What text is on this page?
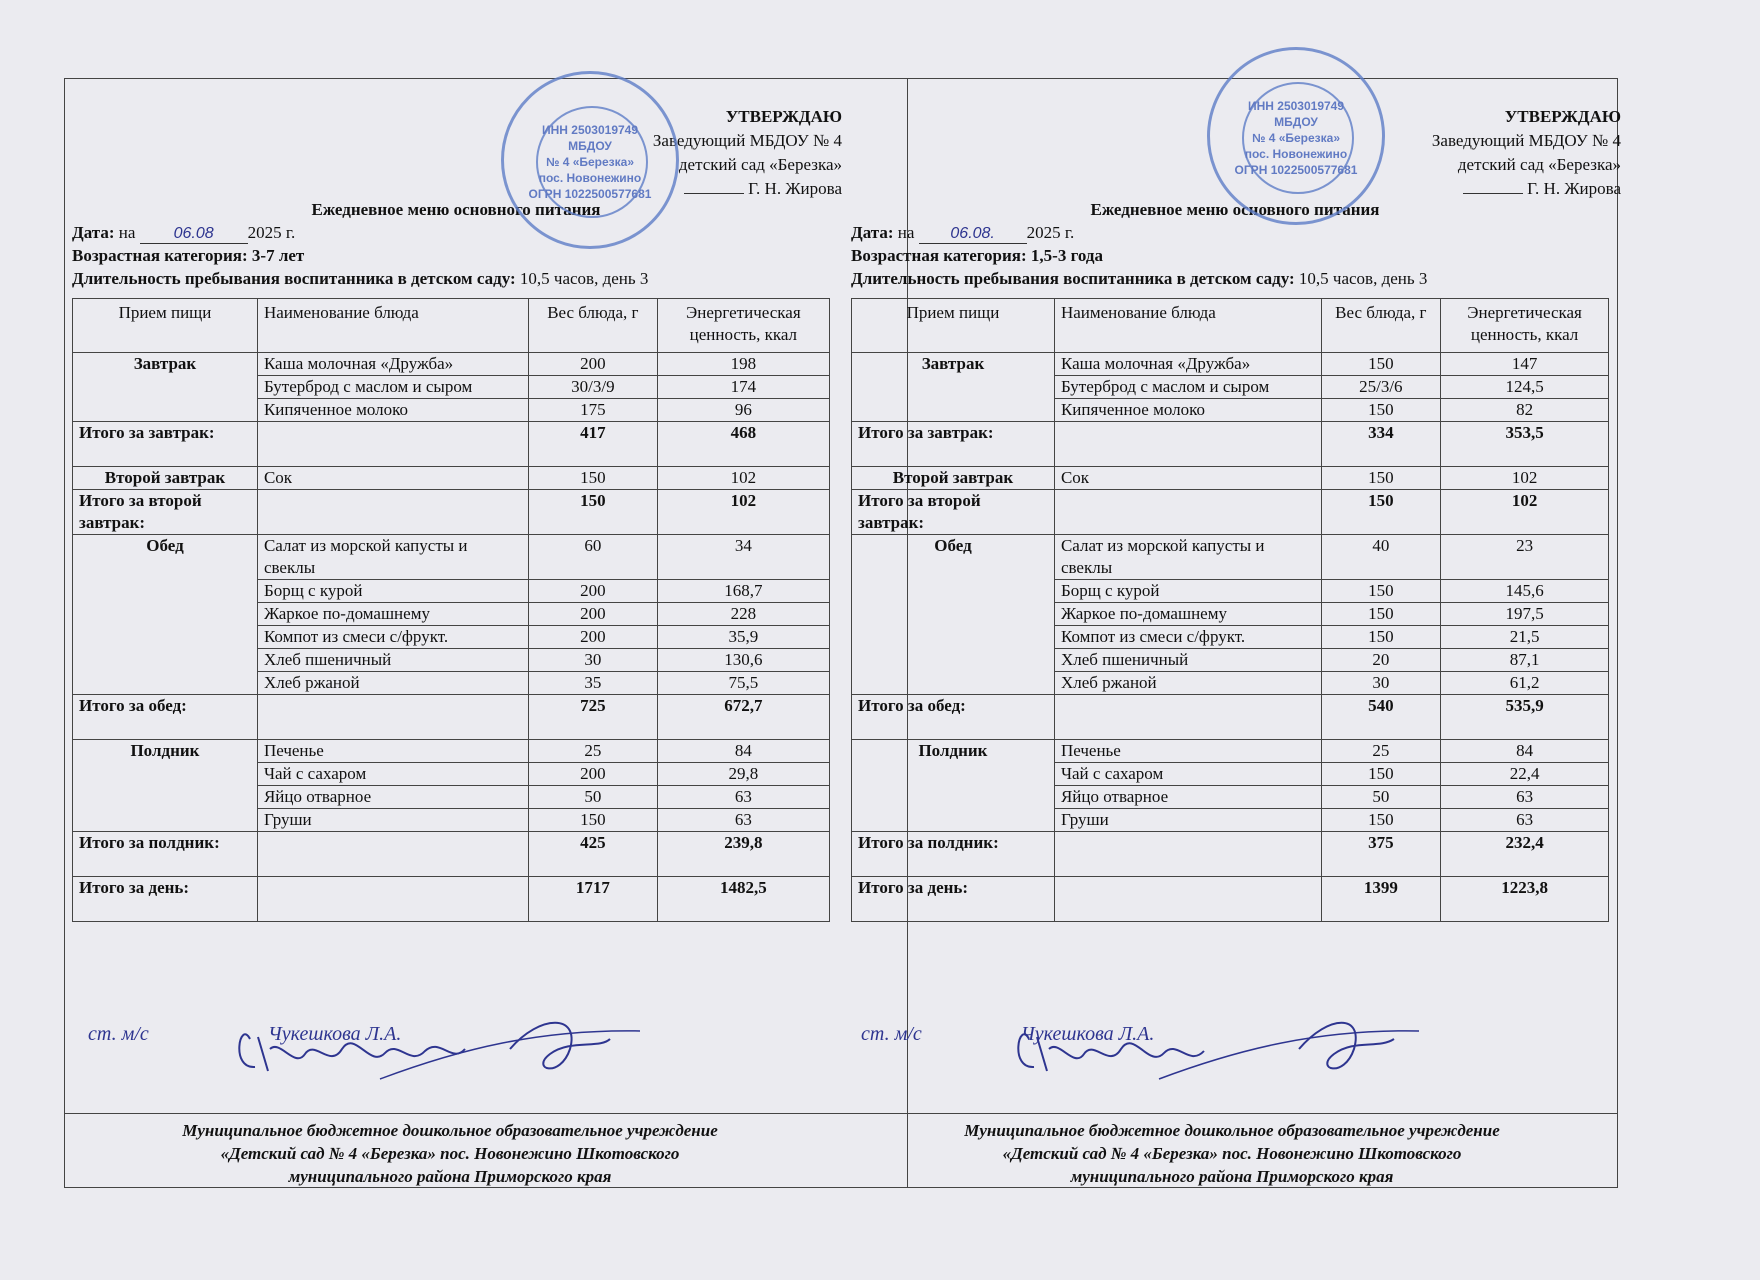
УТВЕРЖДАЮ
Заведующий МБДОУ № 4
детский сад «Березка»
Г. Н. Жирова
Ежедневное меню основного питания
Дата: на 06.08 2025 г.
Возрастная категория: 3-7 лет
Длительность пребывания воспитанника в детском саду: 10,5 часов, день 3
Прием пищи	Наименование блюда	Вес блюда, г	Энергетическая ценность, ккал
Завтрак	Каша молочная «Дружба»	200	198
	Бутерброд с маслом и сыром	30/3/9	174
	Кипяченное молоко	175	96
Итого за завтрак:		417	468
Второй завтрак	Сок	150	102
Итого за второй завтрак:		150	102
Обед	Салат из морской капусты и свеклы	60	34
	Борщ с курой	200	168,7
	Жаркое по-домашнему	200	228
	Компот из смеси с/фрукт.	200	35,9
	Хлеб пшеничный	30	130,6
	Хлеб ржаной	35	75,5
Итого за обед:		725	672,7
Полдник	Печенье	25	84
	Чай с сахаром	200	29,8
	Яйцо отварное	50	63
	Груши	150	63
Итого за полдник:		425	239,8
Итого за день:		1717	1482,5
ст. м/с	Чукешкова Л.А.
УТВЕРЖДАЮ
Заведующий МБДОУ № 4
детский сад «Березка»
Г. Н. Жирова
Ежедневное меню основного питания
Дата: на 06.08. 2025 г.
Возрастная категория: 1,5-3 года
Длительность пребывания воспитанника в детском саду: 10,5 часов, день 3
Прием пищи	Наименование блюда	Вес блюда, г	Энергетическая ценность, ккал
Завтрак	Каша молочная «Дружба»	150	147
	Бутерброд с маслом и сыром	25/3/6	124,5
	Кипяченное молоко	150	82
Итого за завтрак:		334	353,5
Второй завтрак	Сок	150	102
Итого за второй завтрак:		150	102
Обед	Салат из морской капусты и свеклы	40	23
	Борщ с курой	150	145,6
	Жаркое по-домашнему	150	197,5
	Компот из смеси с/фрукт.	150	21,5
	Хлеб пшеничный	20	87,1
	Хлеб ржаной	30	61,2
Итого за обед:		540	535,9
Полдник	Печенье	25	84
	Чай с сахаром	150	22,4
	Яйцо отварное	50	63
	Груши	150	63
Итого за полдник:		375	232,4
Итого за день:		1399	1223,8
ст. м/с	Чукешкова Л.А.
ИНН 2503019749
МБДОУ
№ 4 «Березка»
пос. Новонежино
ОГРН 1022500577681
ИНН 2503019749
МБДОУ
№ 4 «Березка»
пос. Новонежино
ОГРН 1022500577681
Муниципальное бюджетное дошкольное образовательное учреждение
«Детский сад № 4 «Березка» пос. Новонежино Шкотовского
муниципального района Приморского края
Муниципальное бюджетное дошкольное образовательное учреждение
«Детский сад № 4 «Березка» пос. Новонежино Шкотовского
муниципального района Приморского края
